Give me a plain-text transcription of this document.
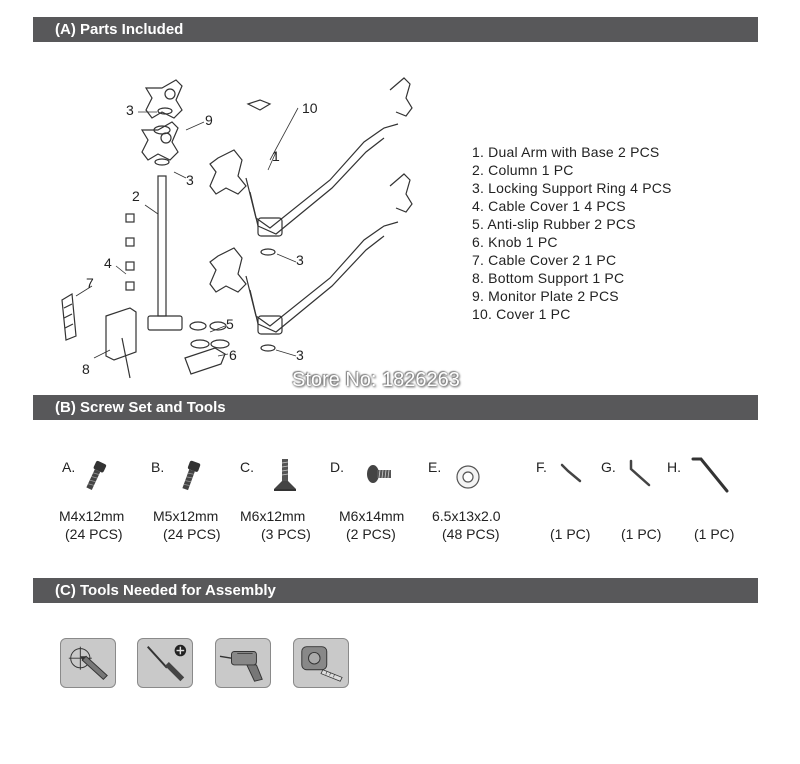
(A) Parts Included
1
2
3
3
3
3
4
5
6
7
8
9
10
1. Dual Arm with Base 2 PCS
2. Column 1 PC
3. Locking Support Ring 4 PCS
4. Cable Cover 1 4 PCS
5. Anti-slip Rubber 2 PCS
6. Knob 1 PC
7. Cable Cover 2 1 PC
8. Bottom Support 1 PC
9. Monitor Plate 2 PCS
10. Cover 1 PC
Store No: 1826263
(B) Screw Set and Tools
A.
M4x12mm
(24 PCS)
B.
M5x12mm
(24 PCS)
C.
M6x12mm
(3 PCS)
D.
M6x14mm
(2 PCS)
E.
6.5x13x2.0
(48 PCS)
F.
(1 PC)
G.
(1 PC)
H.
(1 PC)
(C) Tools Needed for Assembly
